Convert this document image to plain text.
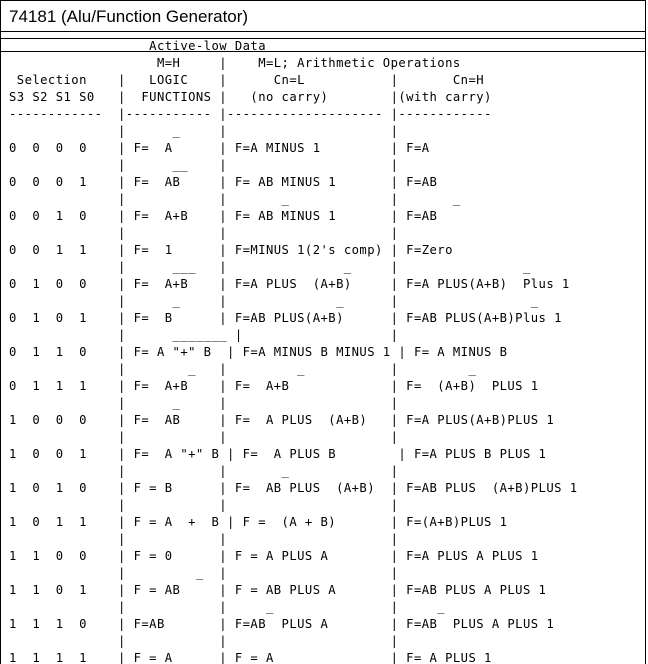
74181 (Alu/Function Generator)
Active-low Data
M=H     |    M=L; Arithmetic Operations
Selection    |   LOGIC    |      Cn=L           |       Cn=H
S3 S2 S1 S0   |  FUNCTIONS |   (no carry)        |(with carry)
------------  |----------- |-------------------- |------------
|      _     |                     |
0  0  0  0    | F=  A      | F=A MINUS 1         | F=A
|      __    |                     |
0  0  0  1    | F=  AB     | F= AB MINUS 1       | F=AB
|            |       _             |       _
0  0  1  0    | F=  A+B    | F= AB MINUS 1       | F=AB
|            |                     |
0  0  1  1    | F=  1      | F=MINUS 1(2's comp) | F=Zero
|      ___   |               _     |                _
0  1  0  0    | F=  A+B    | F=A PLUS  (A+B)     | F=A PLUS(A+B)  Plus 1
|      _     |              _      |                 _
0  1  0  1    | F=  B      | F=AB PLUS(A+B)      | F=AB PLUS(A+B)Plus 1
|      _______ |                   |
0  1  1  0    | F= A "+" B  | F=A MINUS B MINUS 1 | F= A MINUS B
|        _   |         _           |         _
0  1  1  1    | F=  A+B    | F=  A+B             | F=  (A+B)  PLUS 1
|      _     |                     |
1  0  0  0    | F=  AB     | F=  A PLUS  (A+B)   | F=A PLUS(A+B)PLUS 1
|            |                     |
1  0  0  1    | F=  A "+" B | F=  A PLUS B        | F=A PLUS B PLUS 1
|            |       _             |
1  0  1  0    | F = B      | F=  AB PLUS  (A+B)  | F=AB PLUS  (A+B)PLUS 1
|            |                     |
1  0  1  1    | F = A  +  B | F =  (A + B)       | F=(A+B)PLUS 1
|            |                     |
1  1  0  0    | F = 0      | F = A PLUS A        | F=A PLUS A PLUS 1
|         _  |                     |
1  1  0  1    | F = AB     | F = AB PLUS A       | F=AB PLUS A PLUS 1
|            |     _               |     _
1  1  1  0    | F=AB       | F=AB  PLUS A        | F=AB  PLUS A PLUS 1
|            |                     |
1  1  1  1    | F = A      | F = A               | F= A PLUS 1
